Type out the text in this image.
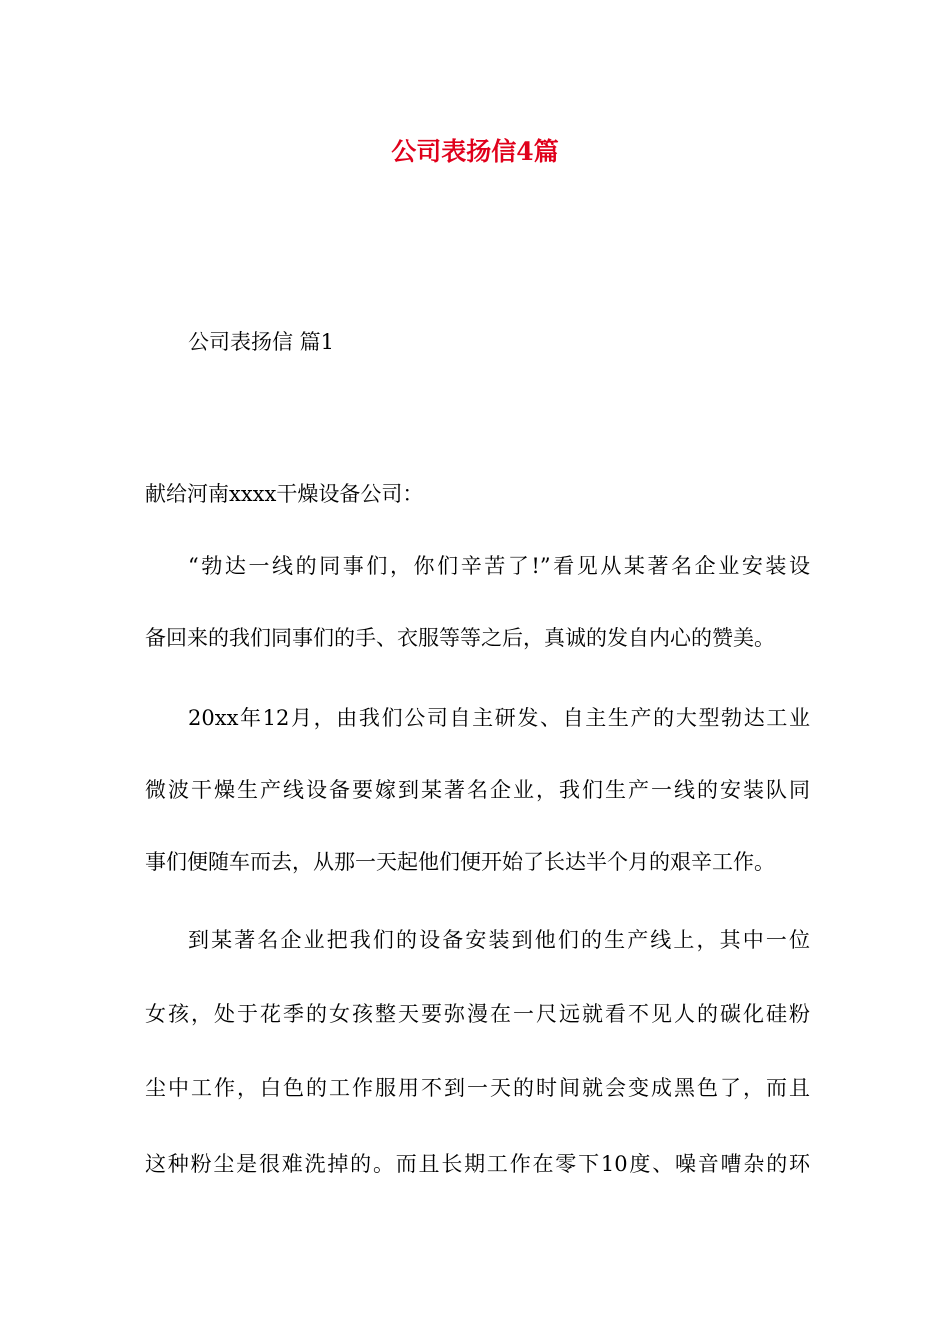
公司表扬信4篇

公司表扬信 篇1

献给河南xxxx干燥设备公司：

“勃达一线的同事们，你们辛苦了!”看见从某著名企业安装设

备回来的我们同事们的手、衣服等等之后，真诚的发自内心的赞美。

20xx年12月，由我们公司自主研发、自主生产的大型勃达工业

微波干燥生产线设备要嫁到某著名企业，我们生产一线的安装队同

事们便随车而去，从那一天起他们便开始了长达半个月的艰辛工作。

到某著名企业把我们的设备安装到他们的生产线上，其中一位

女孩，处于花季的女孩整天要弥漫在一尺远就看不见人的碳化硅粉

尘中工作，白色的工作服用不到一天的时间就会变成黑色了，而且

这种粉尘是很难洗掉的。而且长期工作在零下10度、噪音嘈杂的环
